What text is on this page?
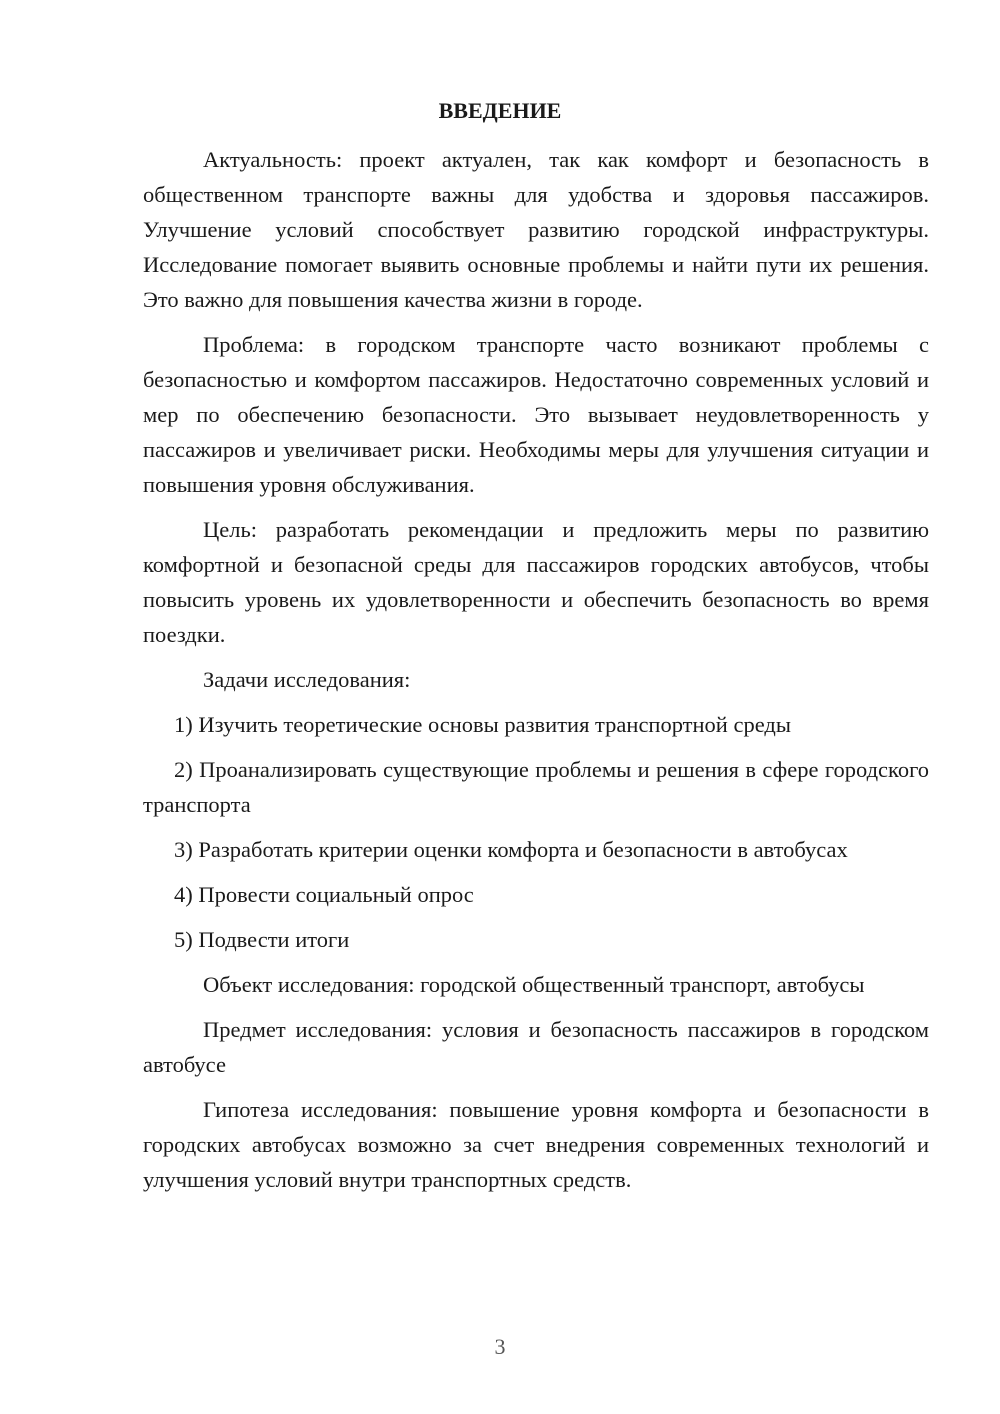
ВВЕДЕНИЕ

Актуальность: проект актуален, так как комфорт и безопасность в общественном транспорте важны для удобства и здоровья пассажиров. Улучшение условий способствует развитию городской инфраструктуры. Исследование помогает выявить основные проблемы и найти пути их решения. Это важно для повышения качества жизни в городе.

Проблема: в городском транспорте часто возникают проблемы с безопасностью и комфортом пассажиров. Недостаточно современных условий и мер по обеспечению безопасности. Это вызывает неудовлетворенность у пассажиров и увеличивает риски. Необходимы меры для улучшения ситуации и повышения уровня обслуживания.

Цель: разработать рекомендации и предложить меры по развитию комфортной и безопасной среды для пассажиров городских автобусов, чтобы повысить уровень их удовлетворенности и обеспечить безопасность во время поездки.

Задачи исследования:

1) Изучить теоретические основы развития транспортной среды

2) Проанализировать существующие проблемы и решения в сфере городского транспорта

3) Разработать критерии оценки комфорта и безопасности в автобусах

4) Провести социальный опрос

5) Подвести итоги

Объект исследования: городской общественный транспорт, автобусы

Предмет исследования: условия и безопасность пассажиров в городском автобусе

Гипотеза исследования: повышение уровня комфорта и безопасности в городских автобусах возможно за счет внедрения современных технологий и улучшения условий внутри транспортных средств.

3
